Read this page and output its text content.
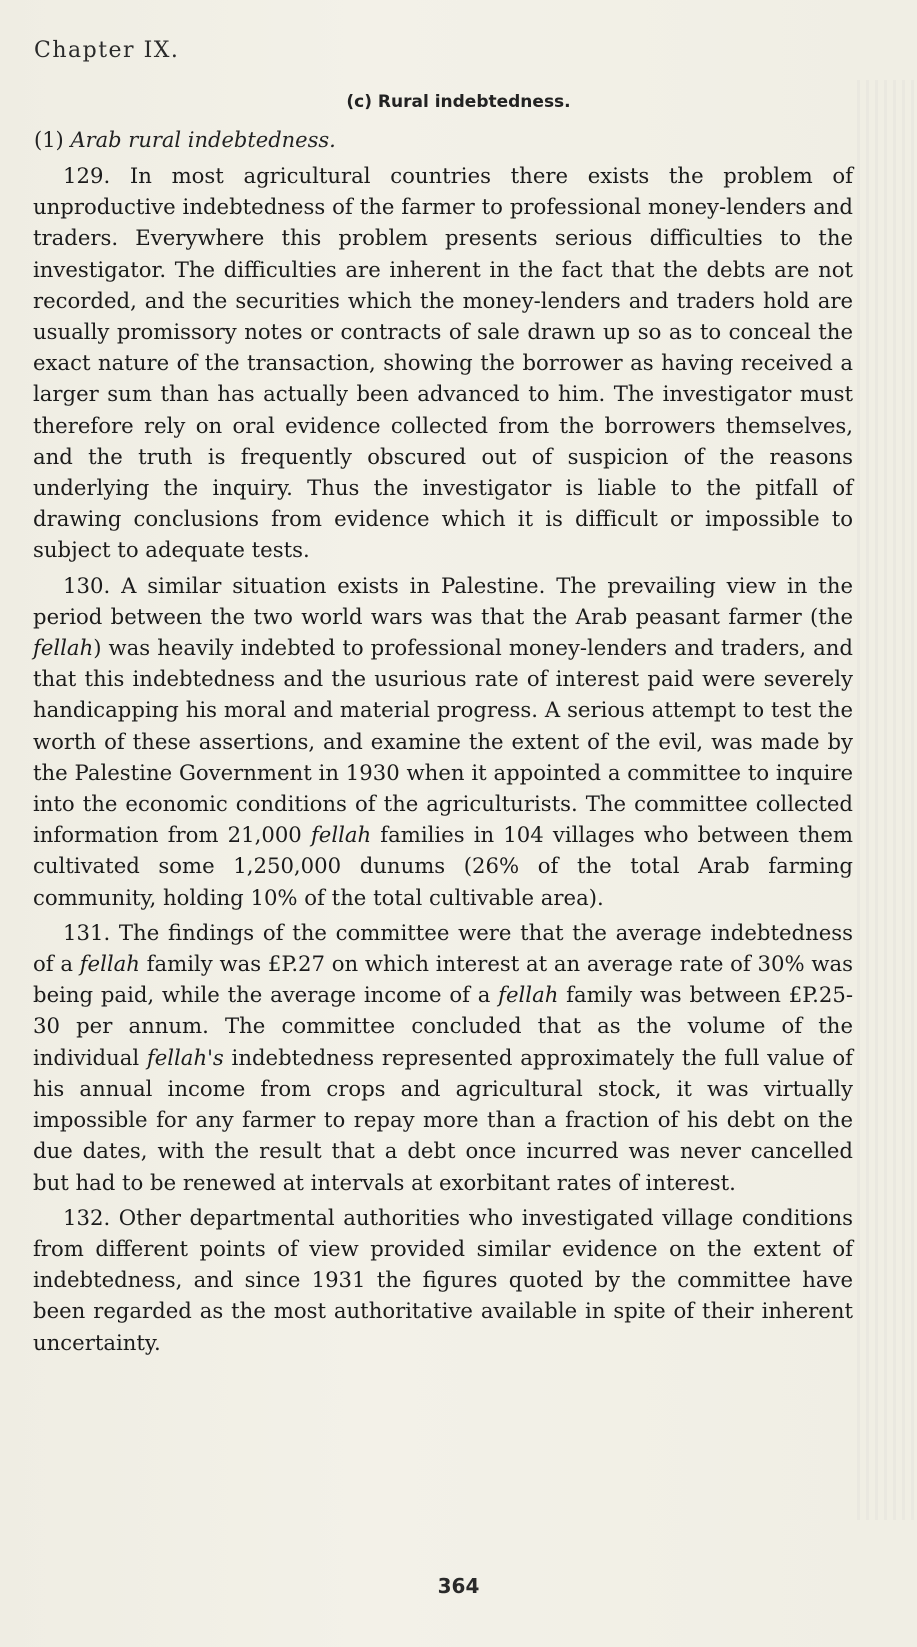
Chapter IX.
(c) Rural indebtedness.
(1) Arab rural indebtedness.

129. In most agricultural countries there exists the problem of unproductive indebtedness of the farmer to professional money-lenders and traders. Everywhere this problem presents serious difficulties to the investigator. The difficulties are inherent in the fact that the debts are not recorded, and the securities which the money-lenders and traders hold are usually promissory notes or contracts of sale drawn up so as to conceal the exact nature of the transaction, showing the borrower as having received a larger sum than has actually been advanced to him. The investigator must therefore rely on oral evidence collected from the borrowers themselves, and the truth is frequently obscured out of suspicion of the reasons underlying the inquiry. Thus the investigator is liable to the pitfall of drawing conclusions from evidence which it is difficult or impossible to subject to adequate tests.

130. A similar situation exists in Palestine. The prevailing view in the period between the two world wars was that the Arab peasant farmer (the fellah) was heavily indebted to professional money-lenders and traders, and that this indebtedness and the usurious rate of interest paid were severely handicapping his moral and material progress. A serious attempt to test the worth of these assertions, and examine the extent of the evil, was made by the Palestine Government in 1930 when it appointed a committee to inquire into the economic conditions of the agriculturists. The committee collected information from 21,000 fellah families in 104 villages who between them cultivated some 1,250,000 dunums (26% of the total Arab farming community, holding 10% of the total cultivable area).

131. The findings of the committee were that the average indebtedness of a fellah family was £P.27 on which interest at an average rate of 30% was being paid, while the average income of a fellah family was between £P.25-30 per annum. The committee concluded that as the volume of the individual fellah's indebtedness represented approximately the full value of his annual income from crops and agricultural stock, it was virtually impossible for any farmer to repay more than a fraction of his debt on the due dates, with the result that a debt once incurred was never cancelled but had to be renewed at intervals at exorbitant rates of interest.

132. Other departmental authorities who investigated village conditions from different points of view provided similar evidence on the extent of indebtedness, and since 1931 the figures quoted by the committee have been regarded as the most authoritative available in spite of their inherent uncertainty.

364
